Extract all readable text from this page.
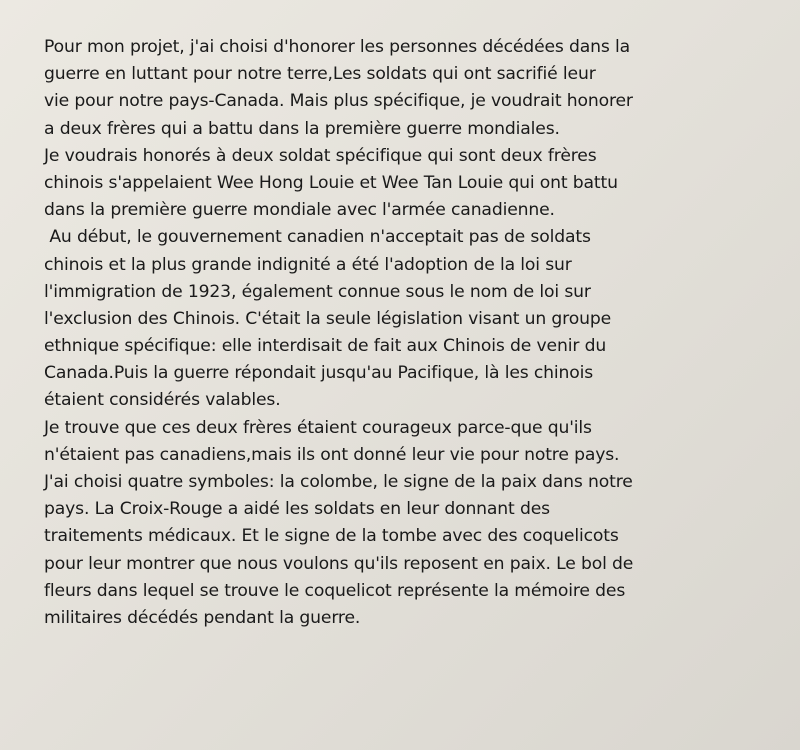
Pour mon projet, j'ai choisi d'honorer les personnes décédées dans la
guerre en luttant pour notre terre,Les soldats qui ont sacrifié leur
vie pour notre pays-Canada. Mais plus spécifique, je voudrait honorer
a deux frères qui a battu dans la première guerre mondiales.
Je voudrais honorés à deux soldat spécifique qui sont deux frères
chinois s'appelaient Wee Hong Louie et Wee Tan Louie qui ont battu
dans la première guerre mondiale avec l'armée canadienne.
Au début, le gouvernement canadien n'acceptait pas de soldats
chinois et la plus grande indignité a été l'adoption de la loi sur
l'immigration de 1923, également connue sous le nom de loi sur
l'exclusion des Chinois. C'était la seule législation visant un groupe
ethnique spécifique: elle interdisait de fait aux Chinois de venir du
Canada.Puis la guerre répondait jusqu'au Pacifique, là les chinois
étaient considérés valables.
Je trouve que ces deux frères étaient courageux parce-que qu'ils
n'étaient pas canadiens,mais ils ont donné leur vie pour notre pays.
J'ai choisi quatre symboles: la colombe, le signe de la paix dans notre
pays. La Croix-Rouge a aidé les soldats en leur donnant des
traitements médicaux. Et le signe de la tombe avec des coquelicots
pour leur montrer que nous voulons qu'ils reposent en paix. Le bol de
fleurs dans lequel se trouve le coquelicot représente la mémoire des
militaires décédés pendant la guerre.
